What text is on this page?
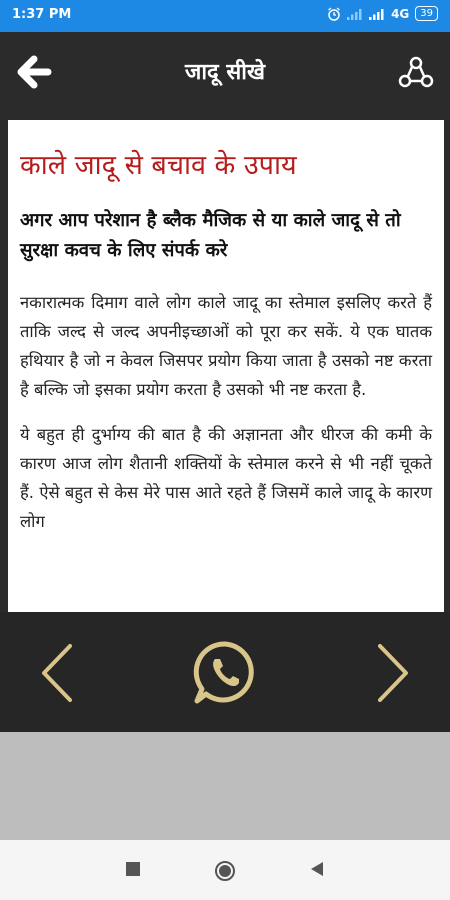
1:37 PM	4G	39
जादू सीखे
काले जादू से बचाव के उपाय
अगर आप परेशान है ब्लैक मैजिक से या काले जादू से तो सुरक्षा कवच के लिए संपर्क करे
नकारात्मक दिमाग वाले लोग काले जादू का स्तेमाल इसलिए करते हैं ताकि जल्द से जल्द अपनीइच्छाओं को पूरा कर सकें. ये एक घातक हथियार है जो न केवल जिसपर प्रयोग किया जाता है उसको नष्ट करता है बल्कि जो इसका प्रयोग करता है उसको भी नष्ट करता है.
ये बहुत ही दुर्भाग्य की बात है की अज्ञानता और धीरज की कमी के कारण आज लोग शैतानी शक्तियों के स्तेमाल करने से भी नहीं चूकते हैं. ऐसे बहुत से केस मेरे पास आते रहते हैं जिसमें काले जादू के कारण लोग
